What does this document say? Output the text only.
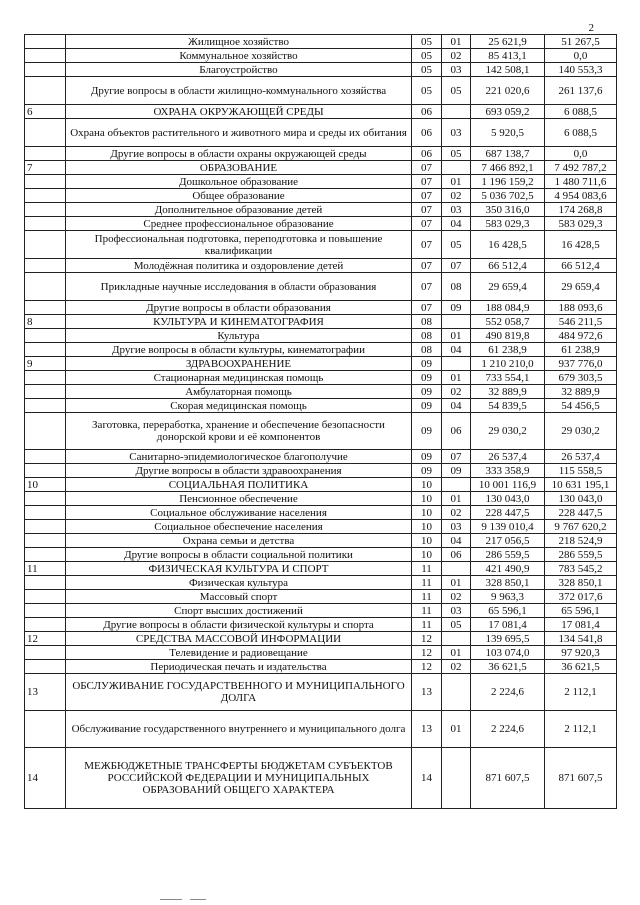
2
	Жилищное хозяйство	05	01	25 621,9	51 267,5
	Коммунальное хозяйство	05	02	85 413,1	0,0
	Благоустройство	05	03	142 508,1	140 553,3
	Другие вопросы в области жилищно-коммунального хозяйства	05	05	221 020,6	261 137,6
6	ОХРАНА ОКРУЖАЮЩЕЙ СРЕДЫ	06		693 059,2	6 088,5
	Охрана объектов растительного и животного мира и среды их обитания	06	03	5 920,5	6 088,5
	Другие вопросы в области охраны окружающей среды	06	05	687 138,7	0,0
7	ОБРАЗОВАНИЕ	07		7 466 892,1	7 492 787,2
	Дошкольное образование	07	01	1 196 159,2	1 480 711,6
	Общее образование	07	02	5 036 702,5	4 954 083,6
	Дополнительное образование детей	07	03	350 316,0	174 268,8
	Среднее профессиональное образование	07	04	583 029,3	583 029,3
	Профессиональная подготовка, переподготовка и повышение квалификации	07	05	16 428,5	16 428,5
	Молодёжная политика и оздоровление детей	07	07	66 512,4	66 512,4
	Прикладные научные исследования в области образования	07	08	29 659,4	29 659,4
	Другие вопросы в области образования	07	09	188 084,9	188 093,6
8	КУЛЬТУРА И КИНЕМАТОГРАФИЯ	08		552 058,7	546 211,5
	Культура	08	01	490 819,8	484 972,6
	Другие вопросы в области культуры, кинематографии	08	04	61 238,9	61 238,9
9	ЗДРАВООХРАНЕНИЕ	09		1 210 210,0	937 776,0
	Стационарная медицинская помощь	09	01	733 554,1	679 303,5
	Амбулаторная помощь	09	02	32 889,9	32 889,9
	Скорая медицинская помощь	09	04	54 839,5	54 456,5
	Заготовка, переработка, хранение и обеспечение безопасности донорской крови и её компонентов	09	06	29 030,2	29 030,2
	Санитарно-эпидемиологическое благополучие	09	07	26 537,4	26 537,4
	Другие вопросы в области здравоохранения	09	09	333 358,9	115 558,5
10	СОЦИАЛЬНАЯ ПОЛИТИКА	10		10 001 116,9	10 631 195,1
	Пенсионное обеспечение	10	01	130 043,0	130 043,0
	Социальное обслуживание населения	10	02	228 447,5	228 447,5
	Социальное обеспечение населения	10	03	9 139 010,4	9 767 620,2
	Охрана семьи и детства	10	04	217 056,5	218 524,9
	Другие вопросы в области социальной политики	10	06	286 559,5	286 559,5
11	ФИЗИЧЕСКАЯ КУЛЬТУРА И СПОРТ	11		421 490,9	783 545,2
	Физическая культура	11	01	328 850,1	328 850,1
	Массовый спорт	11	02	9 963,3	372 017,6
	Спорт высших достижений	11	03	65 596,1	65 596,1
	Другие вопросы в области физической культуры и спорта	11	05	17 081,4	17 081,4
12	СРЕДСТВА МАССОВОЙ ИНФОРМАЦИИ	12		139 695,5	134 541,8
	Телевидение и радиовещание	12	01	103 074,0	97 920,3
	Периодическая печать и издательства	12	02	36 621,5	36 621,5
13	ОБСЛУЖИВАНИЕ ГОСУДАРСТВЕННОГО И МУНИЦИПАЛЬНОГО ДОЛГА	13		2 224,6	2 112,1
	Обслуживание государственного внутреннего и муниципального долга	13	01	2 224,6	2 112,1
14	МЕЖБЮДЖЕТНЫЕ ТРАНСФЕРТЫ БЮДЖЕТАМ СУБЪЕКТОВ РОССИЙСКОЙ ФЕДЕРАЦИИ И МУНИЦИПАЛЬНЫХ ОБРАЗОВАНИЙ ОБЩЕГО ХАРАКТЕРА	14		871 607,5	871 607,5
